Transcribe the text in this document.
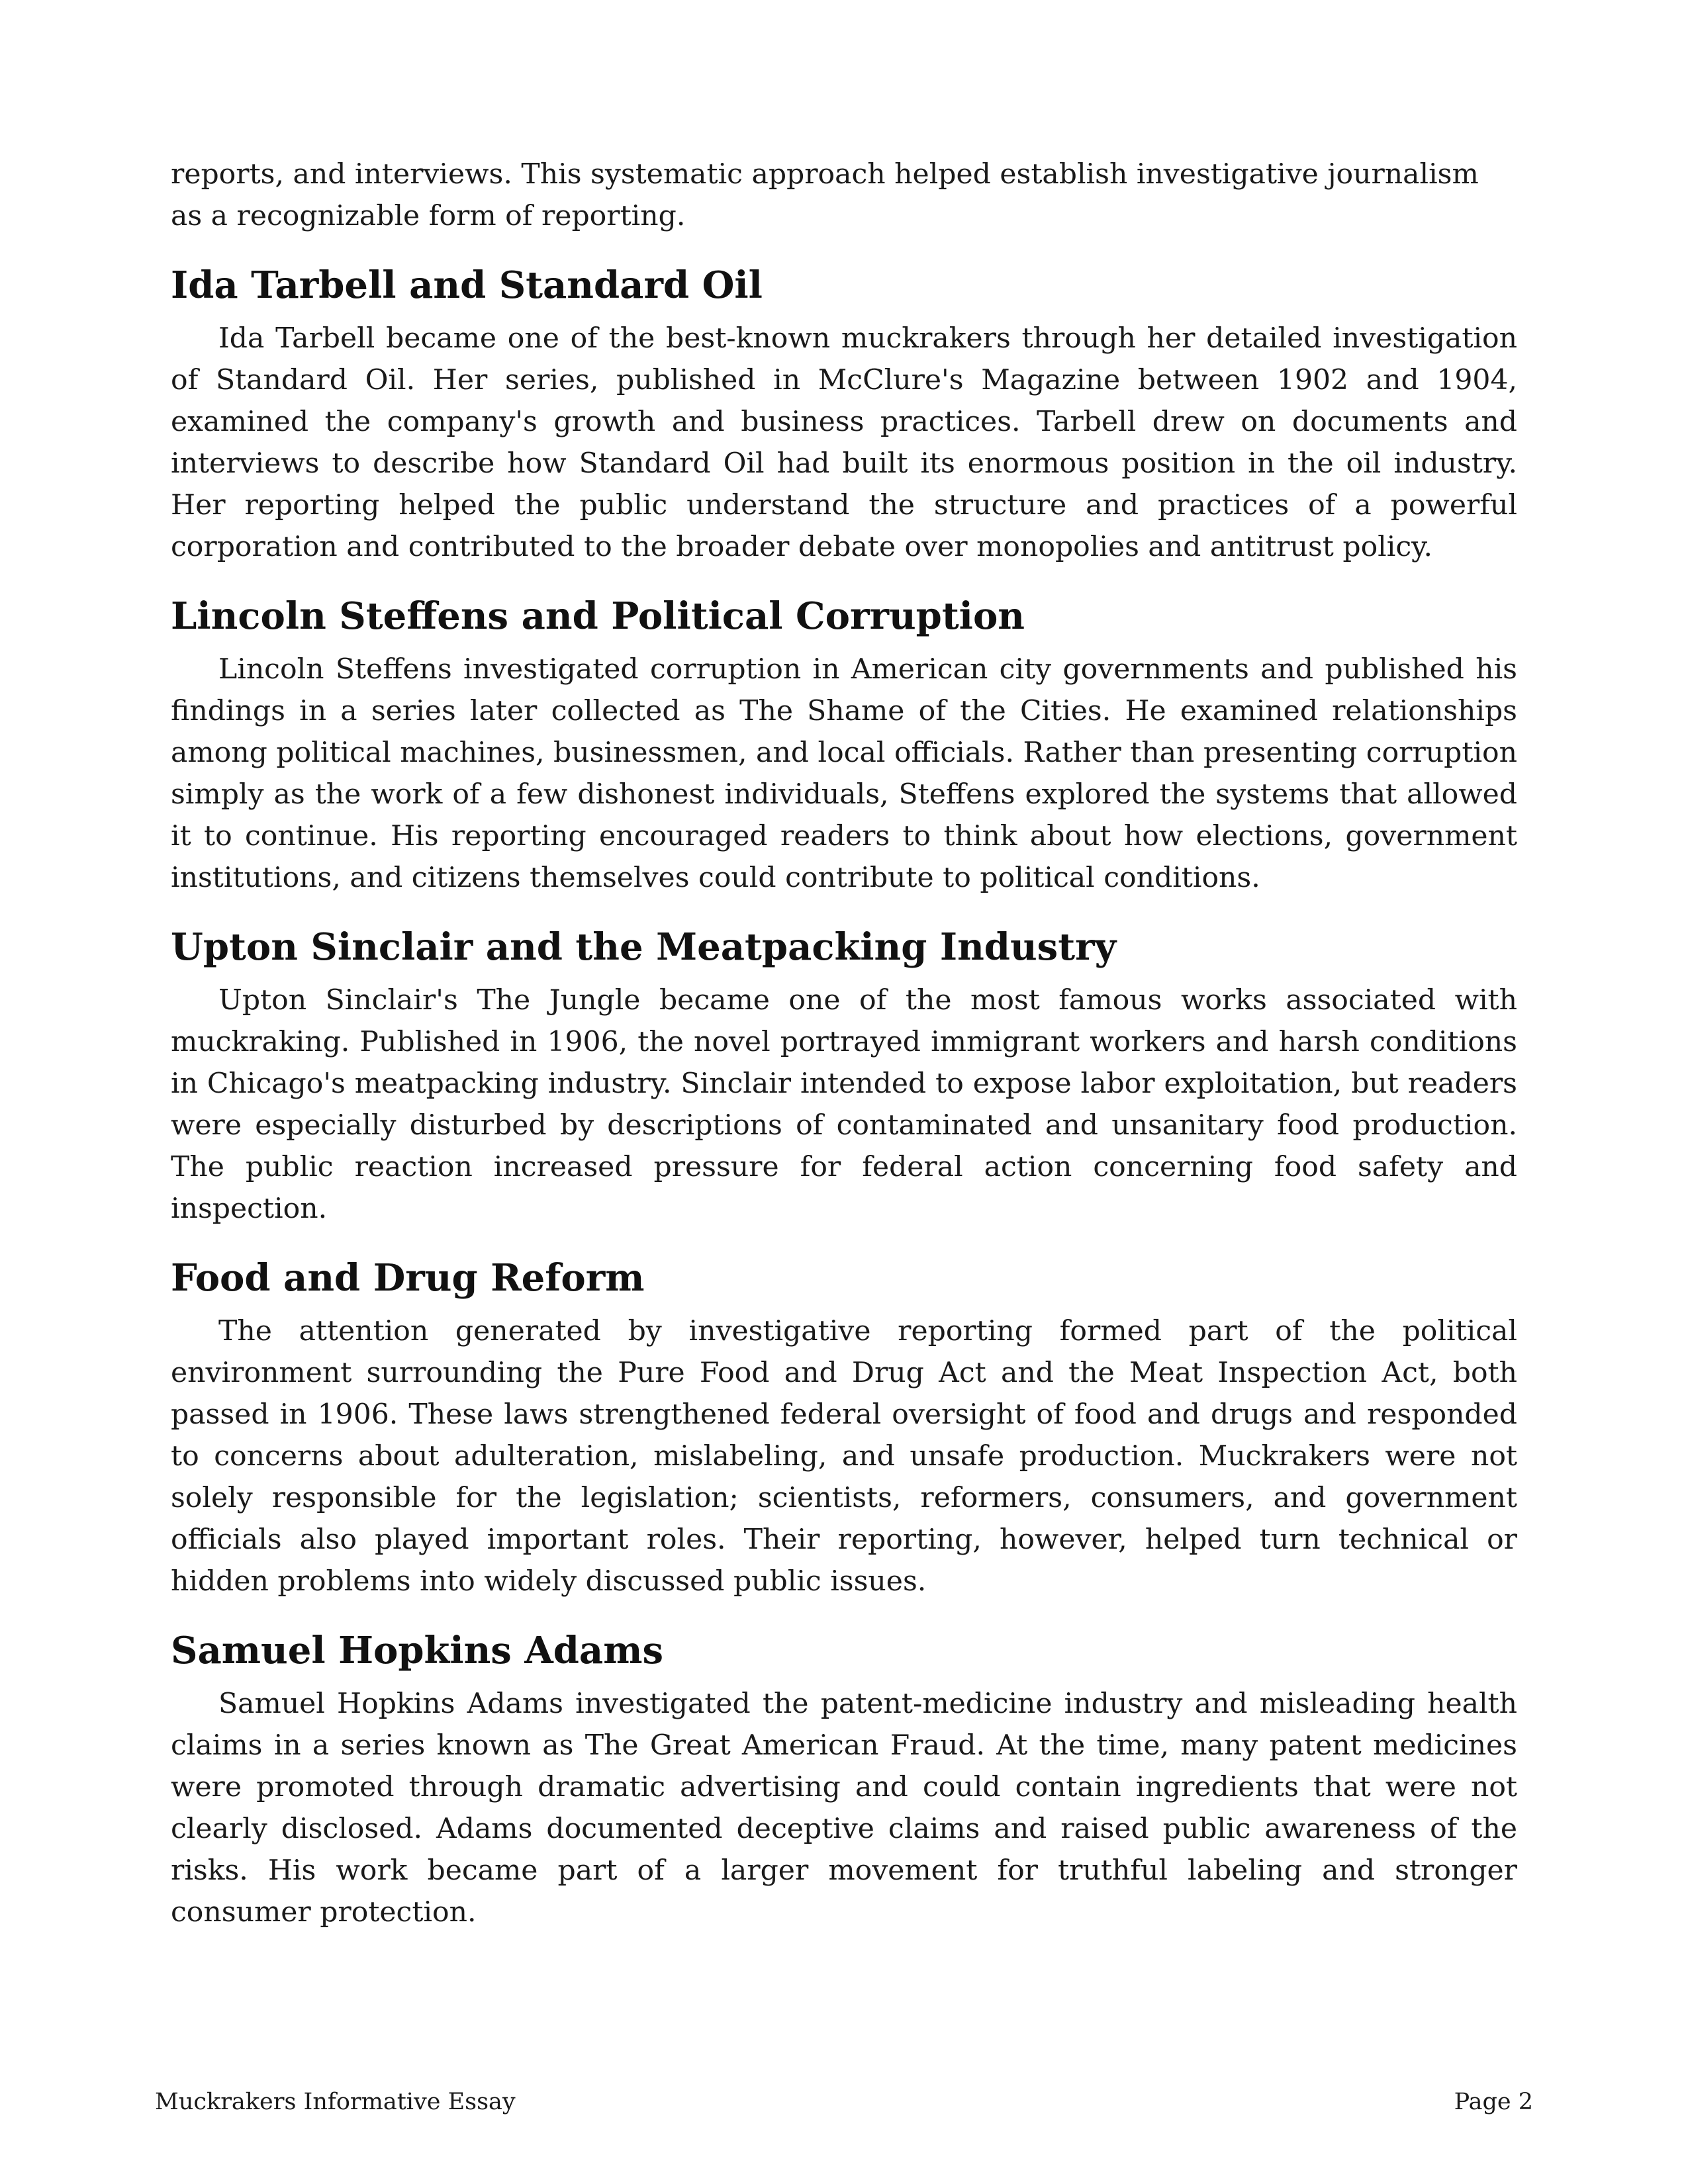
reports, and interviews. This systematic approach helped establish investigative journalism as a recognizable form of reporting.

Ida Tarbell and Standard Oil

Ida Tarbell became one of the best-known muckrakers through her detailed investigation of Standard Oil. Her series, published in McClure's Magazine between 1902 and 1904, examined the company's growth and business practices. Tarbell drew on documents and interviews to describe how Standard Oil had built its enormous position in the oil industry. Her reporting helped the public understand the structure and practices of a powerful corporation and contributed to the broader debate over monopolies and antitrust policy.

Lincoln Steffens and Political Corruption

Lincoln Steffens investigated corruption in American city governments and published his findings in a series later collected as The Shame of the Cities. He examined relationships among political machines, businessmen, and local officials. Rather than presenting corruption simply as the work of a few dishonest individuals, Steffens explored the systems that allowed it to continue. His reporting encouraged readers to think about how elections, government institutions, and citizens themselves could contribute to political conditions.

Upton Sinclair and the Meatpacking Industry

Upton Sinclair's The Jungle became one of the most famous works associated with muckraking. Published in 1906, the novel portrayed immigrant workers and harsh conditions in Chicago's meatpacking industry. Sinclair intended to expose labor exploitation, but readers were especially disturbed by descriptions of contaminated and unsanitary food production. The public reaction increased pressure for federal action concerning food safety and inspection.

Food and Drug Reform

The attention generated by investigative reporting formed part of the political environment surrounding the Pure Food and Drug Act and the Meat Inspection Act, both passed in 1906. These laws strengthened federal oversight of food and drugs and responded to concerns about adulteration, mislabeling, and unsafe production. Muckrakers were not solely responsible for the legislation; scientists, reformers, consumers, and government officials also played important roles. Their reporting, however, helped turn technical or hidden problems into widely discussed public issues.

Samuel Hopkins Adams

Samuel Hopkins Adams investigated the patent-medicine industry and misleading health claims in a series known as The Great American Fraud. At the time, many patent medicines were promoted through dramatic advertising and could contain ingredients that were not clearly disclosed. Adams documented deceptive claims and raised public awareness of the risks. His work became part of a larger movement for truthful labeling and stronger consumer protection.

Muckrakers Informative Essay	Page 2
